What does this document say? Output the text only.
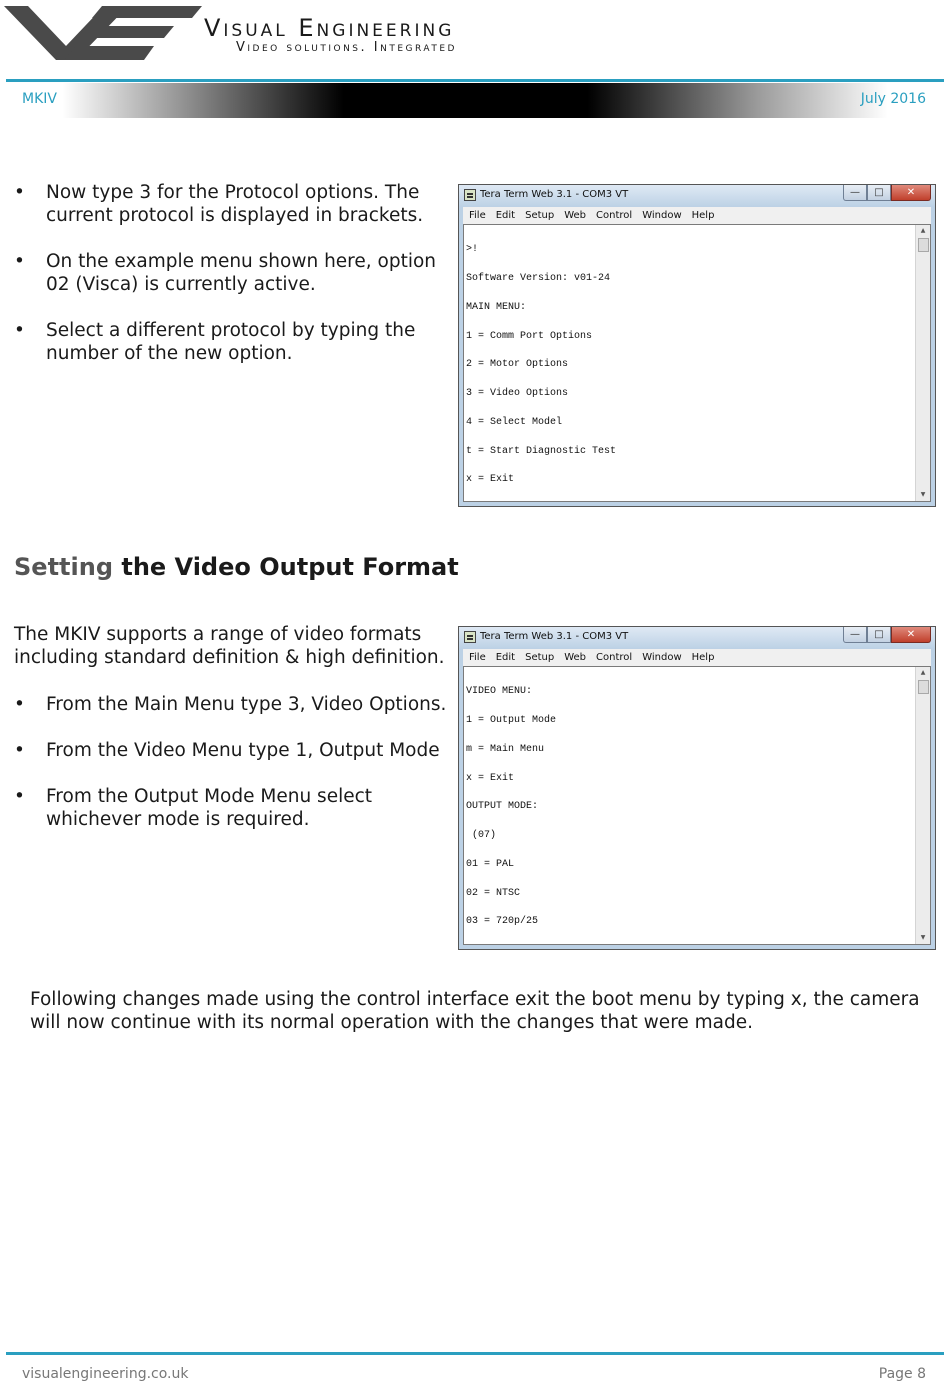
Visual Engineering
Video solutions. Integrated
MKIV	July 2016
• Now type 3 for the Protocol options. The current protocol is displayed in brackets.
• On the example menu shown here, option 02 (Visca) is currently active.
• Select a different protocol by typing the number of the new option.
Tera Term Web 3.1 - COM3 VT	—	□	✕
File Edit Setup Web Control Window Help

>!

Software Version: v01-24

MAIN MENU:

1 = Comm Port Options

2 = Motor Options

3 = Video Options

4 = Select Model

t = Start Diagnostic Test

x = Exit

▲
▼
Setting the Video Output Format

The MKIV supports a range of video formats including standard definition & high definition.

• From the Main Menu type 3, Video Options.
• From the Video Menu type 1, Output Mode
• From the Output Mode Menu select whichever mode is required.
Tera Term Web 3.1 - COM3 VT	—	□	✕
File Edit Setup Web Control Window Help

VIDEO MENU:

1 = Output Mode

m = Main Menu

x = Exit

OUTPUT MODE:

(07)

01 = PAL

02 = NTSC

03 = 720p/25

▲
▼

Following changes made using the control interface exit the boot menu by typing x, the camera will now continue with its normal operation with the changes that were made.

visualengineering.co.uk	Page 8
